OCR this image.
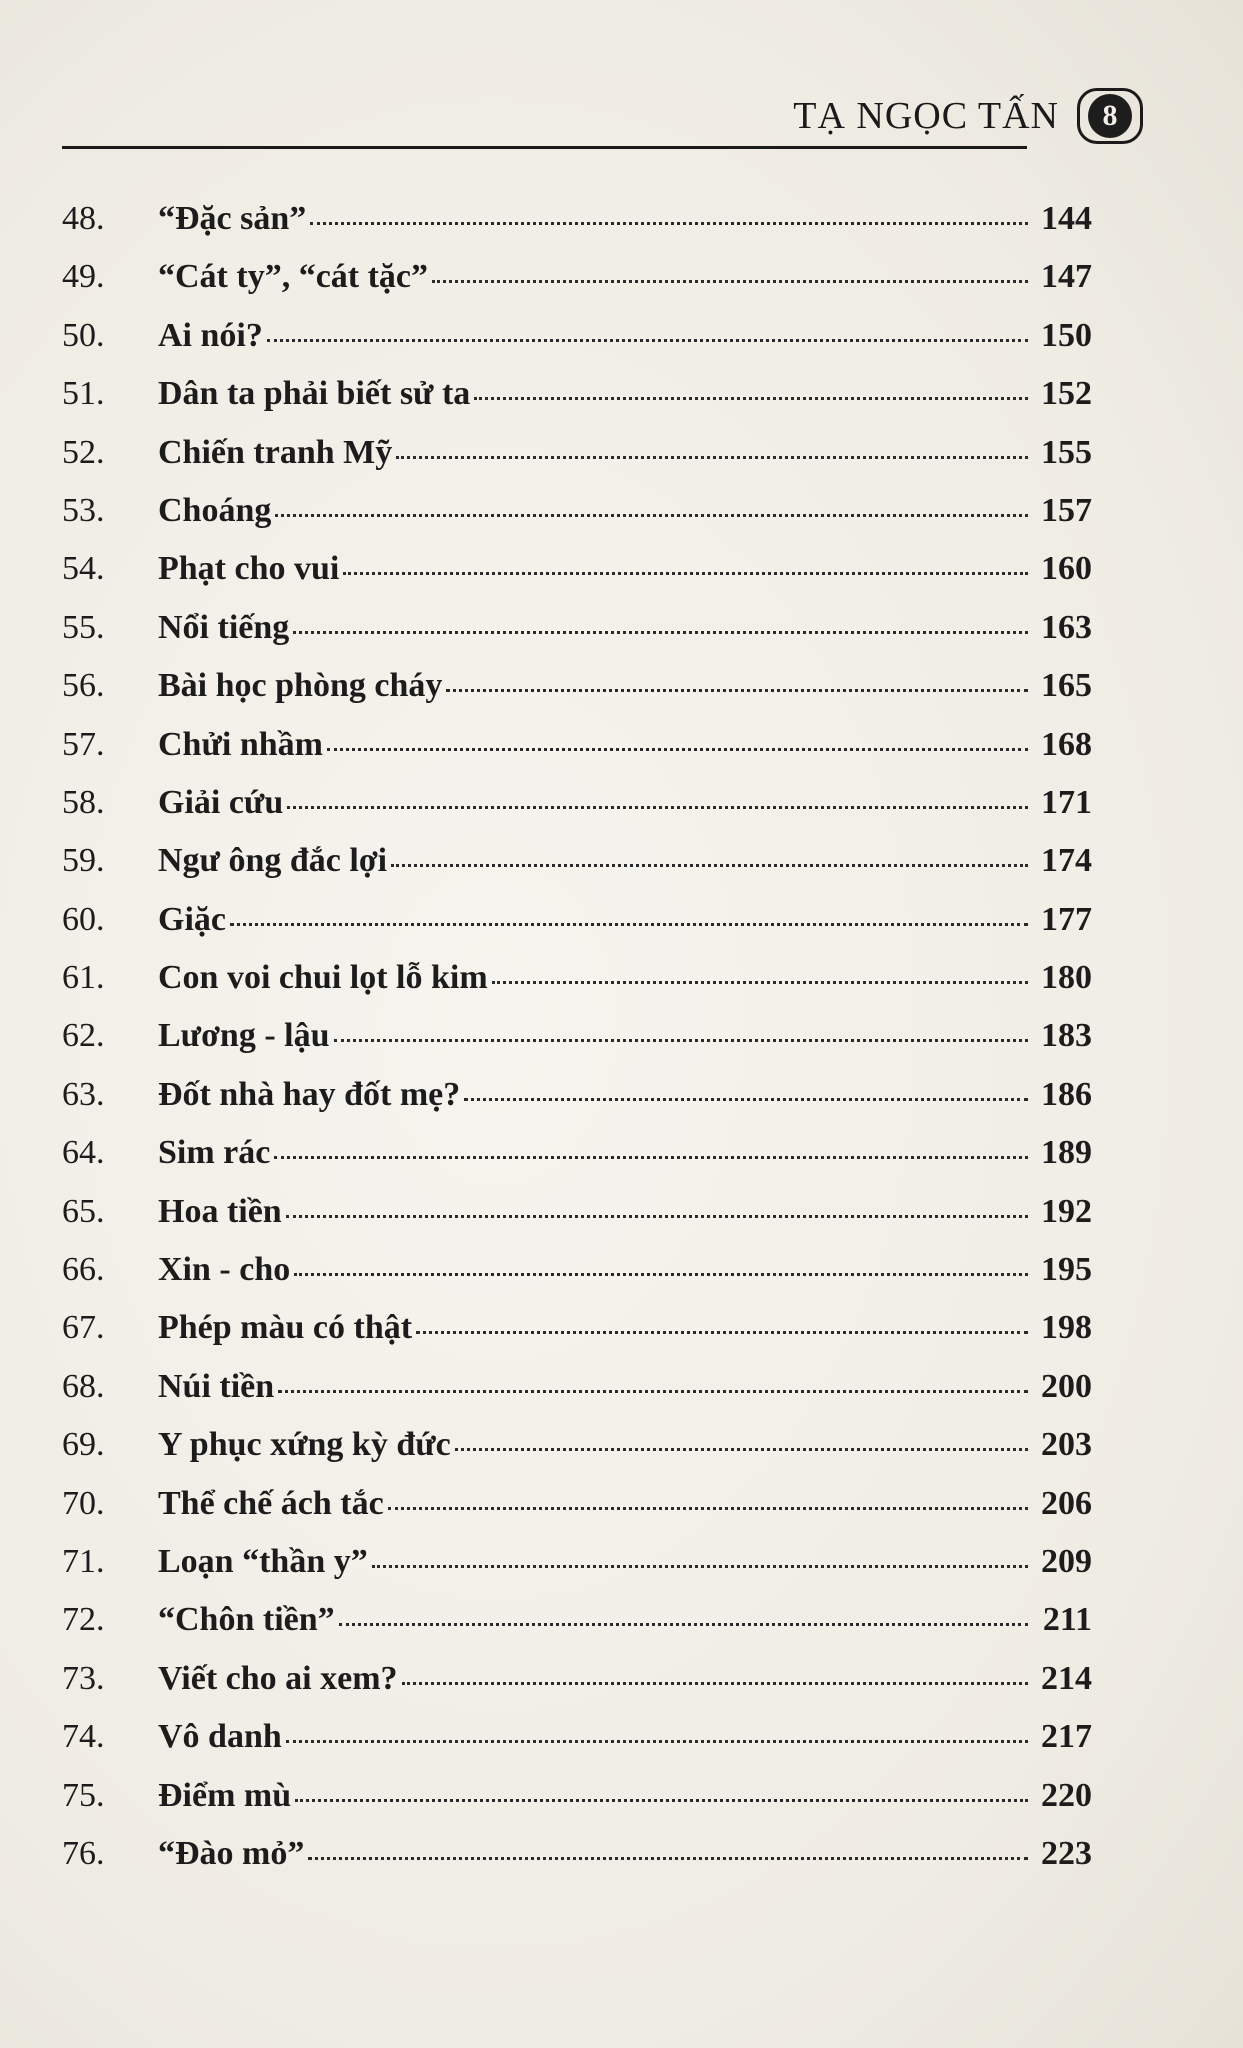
TẠ NGỌC TẤN	8
48.	“Đặc sản”	144
49.	“Cát ty”, “cát tặc”	147
50.	Ai nói?	150
51.	Dân ta phải biết sử ta	152
52.	Chiến tranh Mỹ	155
53.	Choáng	157
54.	Phạt cho vui	160
55.	Nổi tiếng	163
56.	Bài học phòng cháy	165
57.	Chửi nhầm	168
58.	Giải cứu	171
59.	Ngư ông đắc lợi	174
60.	Giặc	177
61.	Con voi chui lọt lỗ kim	180
62.	Lương - lậu	183
63.	Đốt nhà hay đốt mẹ?	186
64.	Sim rác	189
65.	Hoa tiền	192
66.	Xin - cho	195
67.	Phép màu có thật	198
68.	Núi tiền	200
69.	Y phục xứng kỳ đức	203
70.	Thể chế ách tắc	206
71.	Loạn “thần y”	209
72.	“Chôn tiền”	211
73.	Viết cho ai xem?	214
74.	Vô danh	217
75.	Điểm mù	220
76.	“Đào mỏ”	223
